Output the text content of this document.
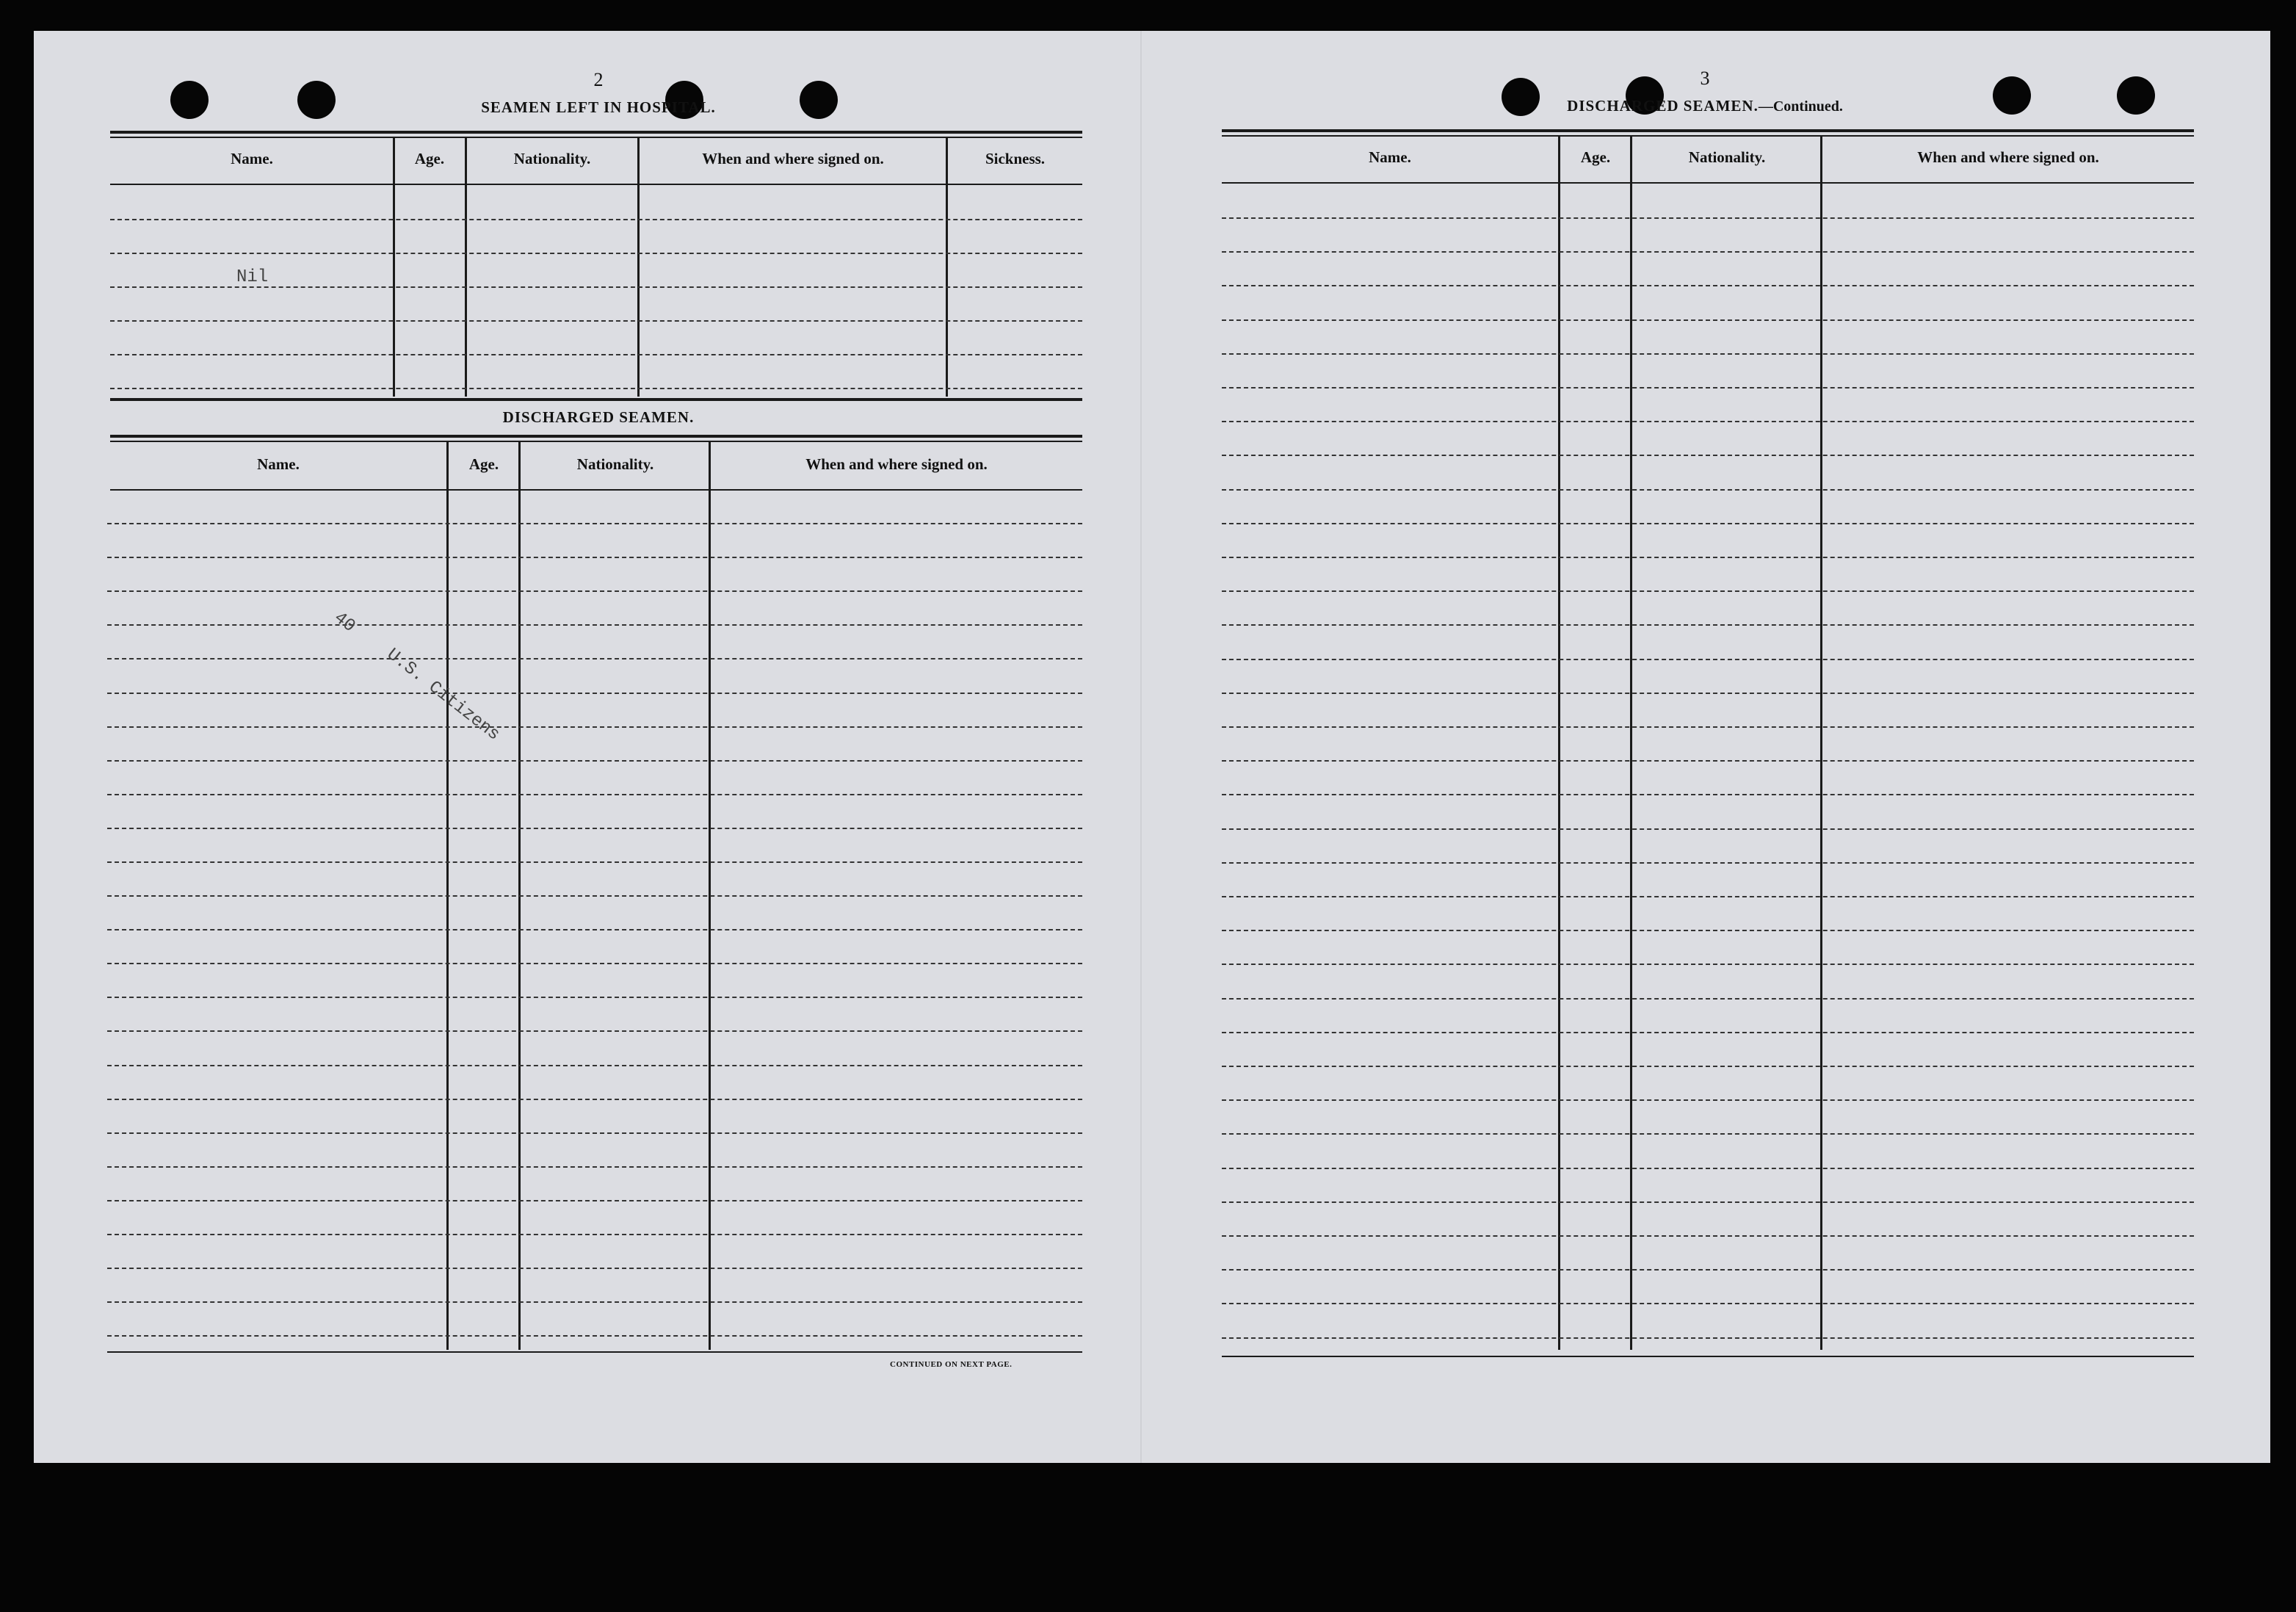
2
SEAMEN LEFT IN HOSPITAL.
Name.	Age.	Nationality.	When and where signed on.	Sickness.
Nil
DISCHARGED SEAMEN.
Name.	Age.	Nationality.	When and where signed on.
40
U.S. Citizens
CONTINUED ON NEXT PAGE.
3
DISCHARGED SEAMEN.—Continued.
Name.	Age.	Nationality.	When and where signed on.
